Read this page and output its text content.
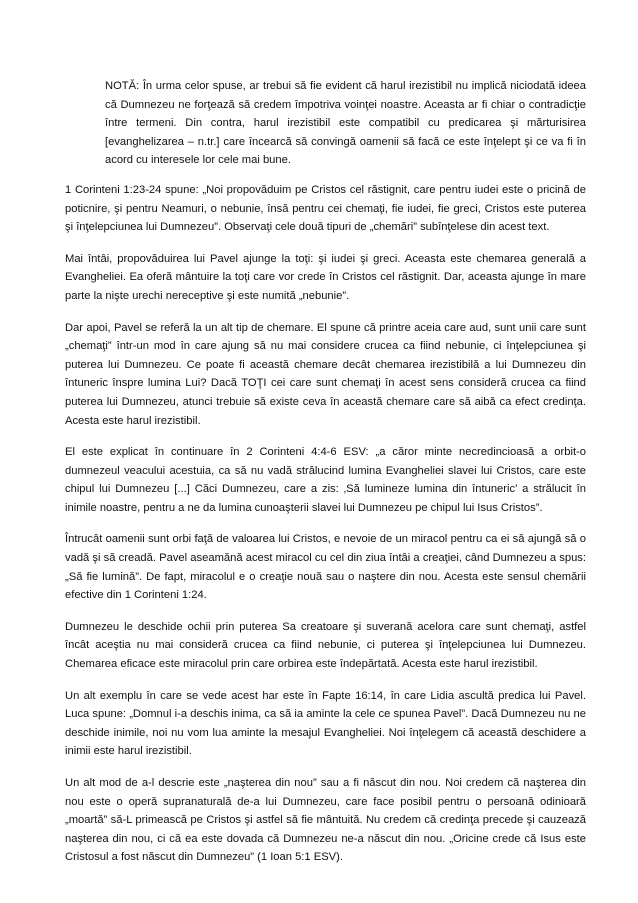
NOTĂ: În urma celor spuse, ar trebui să fie evident că harul irezistibil nu implică niciodată ideea că Dumnezeu ne forţează să credem împotriva voinţei noastre. Aceasta ar fi chiar o contradicţie între termeni. Din contra, harul irezistibil este compatibil cu predicarea şi mărturisirea [evanghelizarea – n.tr.] care încearcă să convingă oamenii să facă ce este înţelept şi ce va fi în acord cu interesele lor cele mai bune.

1 Corinteni 1:23-24 spune: „Noi propovăduim pe Cristos cel răstignit, care pentru iudei este o pricină de poticnire, şi pentru Neamuri, o nebunie, însă pentru cei chemaţi, fie iudei, fie greci, Cristos este puterea şi înţelepciunea lui Dumnezeu”. Observaţi cele două tipuri de „chemări” subînţelese din acest text.

Mai întâi, propovăduirea lui Pavel ajunge la toţi: şi iudei şi greci. Aceasta este chemarea generală a Evangheliei. Ea oferă mântuire la toţi care vor crede în Cristos cel răstignit. Dar, aceasta ajunge în mare parte la nişte urechi nereceptive şi este numită „nebunie”.

Dar apoi, Pavel se referă la un alt tip de chemare. El spune că printre aceia care aud, sunt unii care sunt „chemaţi” într-un mod în care ajung să nu mai considere crucea ca fiind nebunie, ci înţelepciunea şi puterea lui Dumnezeu. Ce poate fi această chemare decât chemarea irezistibilă a lui Dumnezeu din întuneric înspre lumina Lui? Dacă TOŢI cei care sunt chemaţi în acest sens consideră crucea ca fiind puterea lui Dumnezeu, atunci trebuie să existe ceva în această chemare care să aibă ca efect credinţa. Acesta este harul irezistibil.

El este explicat în continuare în 2 Corinteni 4:4-6 ESV: „a căror minte necredincioasă a orbit-o dumnezeul veacului acestuia, ca să nu vadă strălucind lumina Evangheliei slavei lui Cristos, care este chipul lui Dumnezeu [...] Căci Dumnezeu, care a zis: ‚Să lumineze lumina din întuneric’ a strălucit în inimile noastre, pentru a ne da lumina cunoaşterii slavei lui Dumnezeu pe chipul lui Isus Cristos”.

Întrucât oamenii sunt orbi faţă de valoarea lui Cristos, e nevoie de un miracol pentru ca ei să ajungă să o vadă şi să creadă. Pavel aseamănă acest miracol cu cel din ziua întâi a creaţiei, când Dumnezeu a spus: „Să fie lumină”. De fapt, miracolul e o creaţie nouă sau o naştere din nou. Acesta este sensul chemării efective din 1 Corinteni 1:24.

Dumnezeu le deschide ochii prin puterea Sa creatoare şi suverană acelora care sunt chemaţi, astfel încât aceştia nu mai consideră crucea ca fiind nebunie, ci puterea şi înţelepciunea lui Dumnezeu. Chemarea eficace este miracolul prin care orbirea este îndepărtată. Acesta este harul irezistibil.

Un alt exemplu în care se vede acest har este în Fapte 16:14, în care Lidia ascultă predica lui Pavel. Luca spune: „Domnul i-a deschis inima, ca să ia aminte la cele ce spunea Pavel”. Dacă Dumnezeu nu ne deschide inimile, noi nu vom lua aminte la mesajul Evangheliei. Noi înţelegem că această deschidere a inimii este harul irezistibil.

Un alt mod de a-l descrie este „naşterea din nou” sau a fi născut din nou. Noi credem că naşterea din nou este o operă supranaturală de-a lui Dumnezeu, care face posibil pentru o persoană odinioară „moartă” să-L primească pe Cristos şi astfel să fie mântuită. Nu credem că credinţa precede şi cauzează naşterea din nou, ci că ea este dovada că Dumnezeu ne-a născut din nou. „Oricine crede că Isus este Cristosul a fost născut din Dumnezeu” (1 Ioan 5:1 ESV).
